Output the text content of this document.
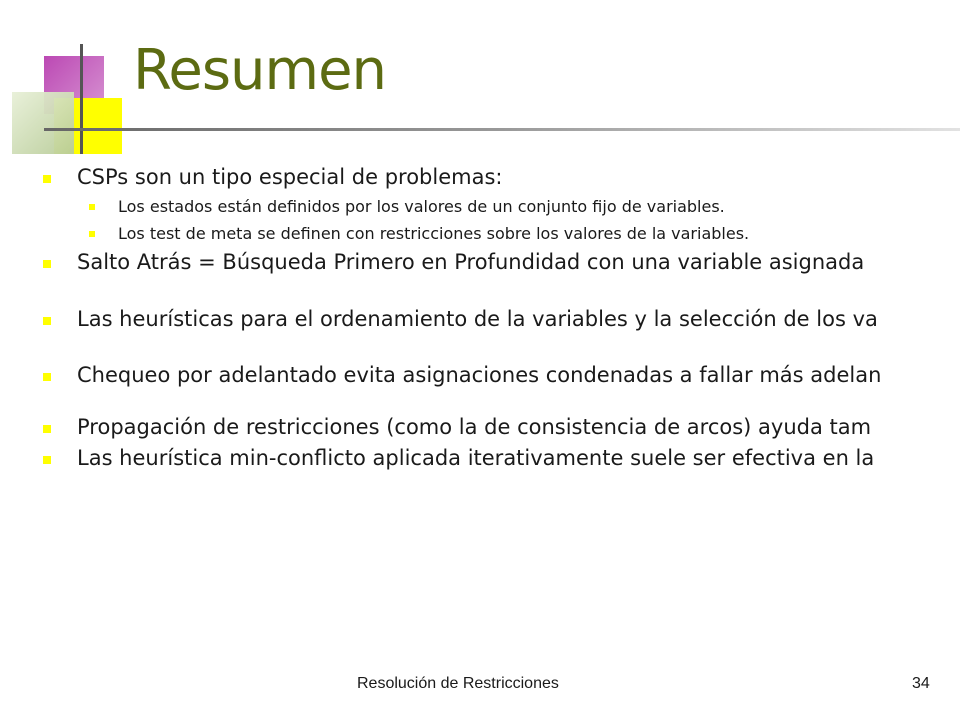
Resumen
CSPs son un tipo especial de problemas:
Los estados están definidos por los valores de un conjunto fijo de variables.
Los test de meta se definen con restricciones sobre los valores de la variables.
Salto Atrás = Búsqueda Primero en Profundidad con una variable asignada
Las heurísticas para el ordenamiento de la variables y la selección de los va
Chequeo por adelantado evita asignaciones condenadas a fallar más adelan
Propagación de restricciones (como la de consistencia de arcos) ayuda tam
Las heurística min-conflicto aplicada iterativamente suele ser efectiva en la
Resolución de Restricciones	34
